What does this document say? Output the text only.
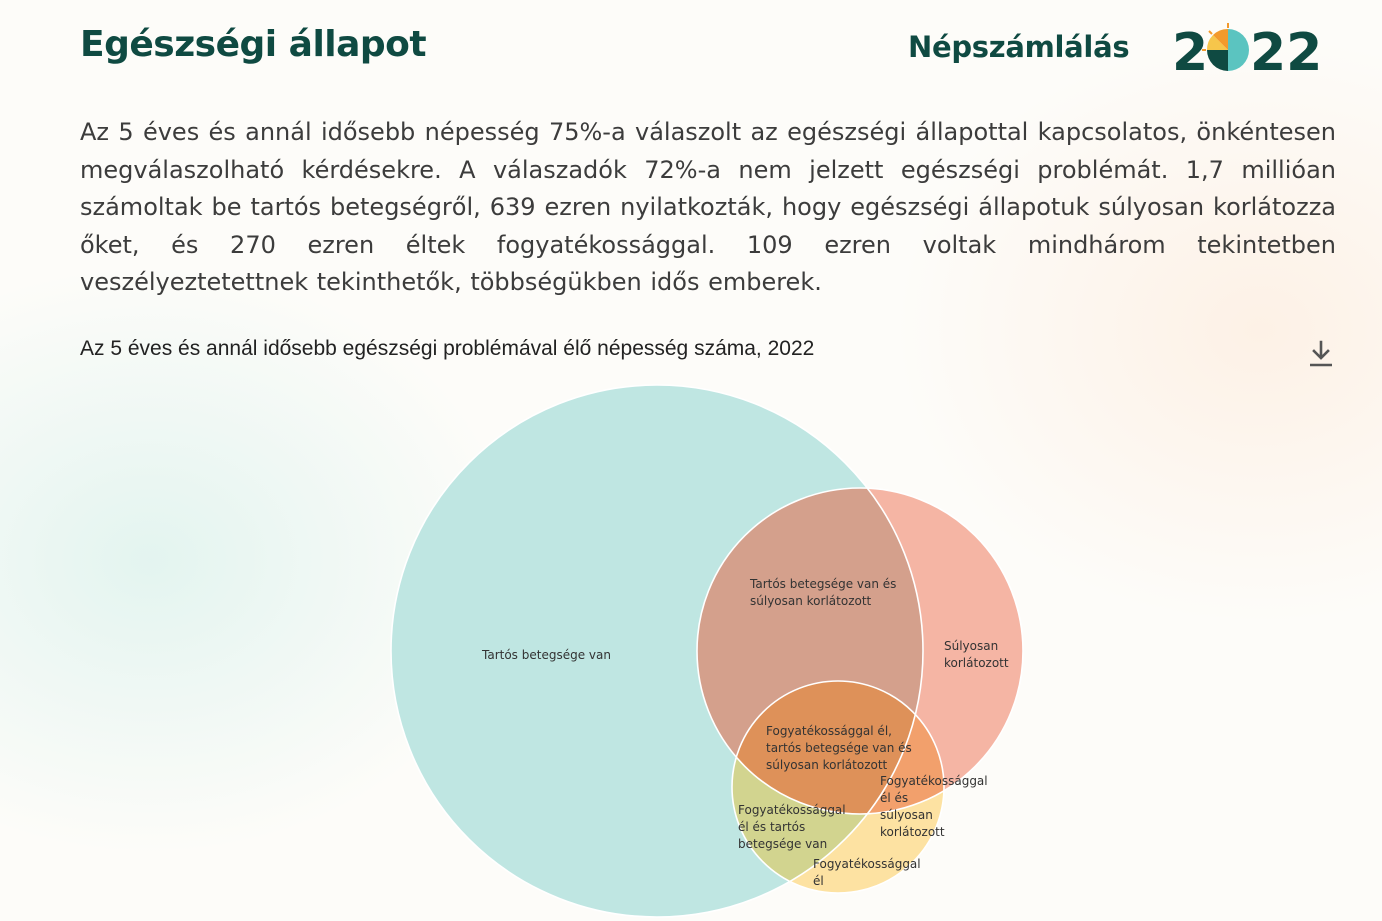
Egészségi állapot	Népszámlálás 2 22

Az 5 éves és annál idősebb népesség 75%-a válaszolt az egészségi állapottal kapcsolatos, önkéntesen megválaszolható kérdésekre. A válaszadók 72%-a nem jelzett egészségi problémát. 1,7 millióan számoltak be tartós betegségről, 639 ezren nyilatkozták, hogy egészségi állapotuk súlyosan korlátozza őket, és 270 ezren éltek fogyatékossággal. 109 ezren voltak mindhárom tekintetben veszélyeztetettnek tekinthetők, többségükben idős emberek.

Az 5 éves és annál idősebb egészségi problémával élő népesség száma, 2022
Tartós betegsége van
Súlyosan korlátozott
Fogyatékossággal él
Tartós betegsége van és súlyosan korlátozott
Fogyatékossággal él és tartós betegsége van
Fogyatékossággal él és súlyosan korlátozott
Fogyatékossággal él, tartós betegsége van és súlyosan korlátozott
